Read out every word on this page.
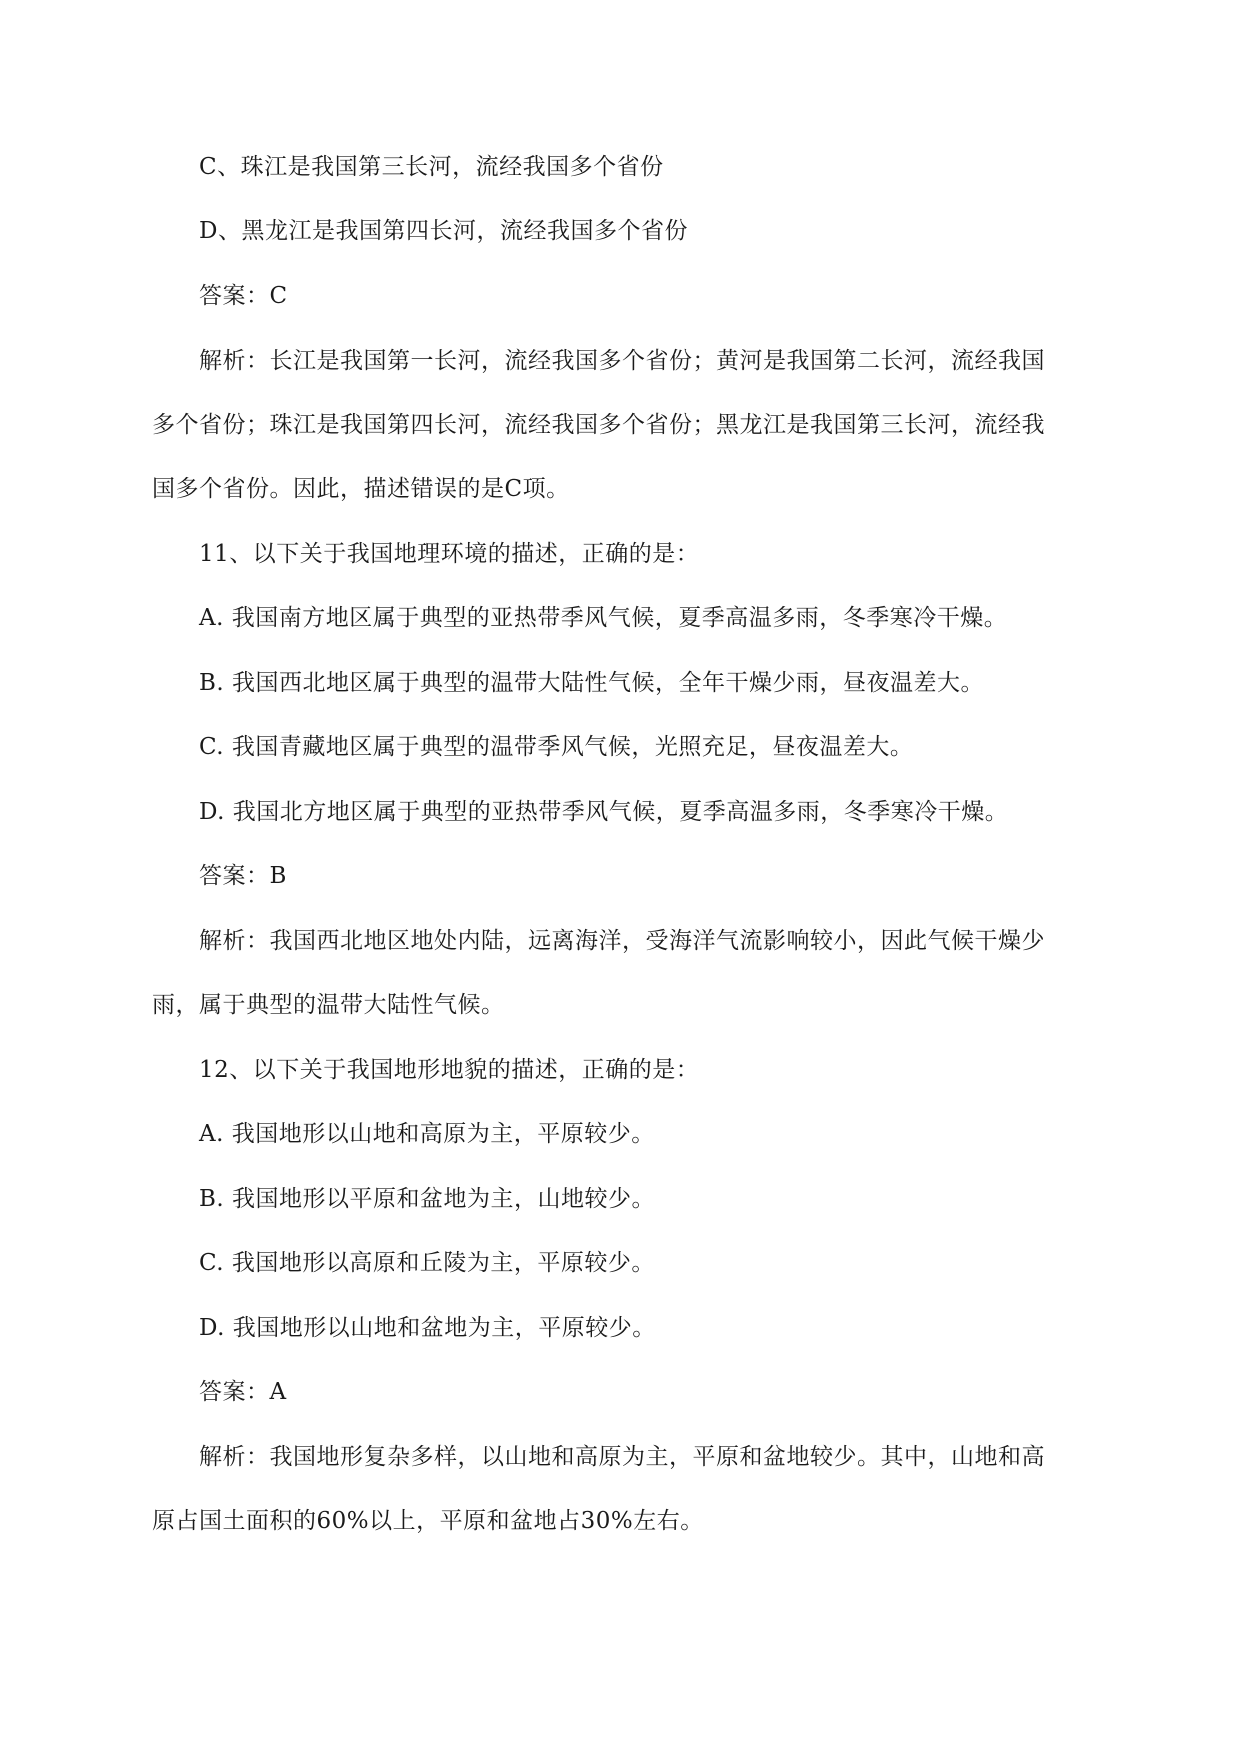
C、珠江是我国第三长河，流经我国多个省份
D、黑龙江是我国第四长河，流经我国多个省份
答案：C
解析：长江是我国第一长河，流经我国多个省份；黄河是我国第二长河，流经我国
多个省份；珠江是我国第四长河，流经我国多个省份；黑龙江是我国第三长河，流经我
国多个省份。因此，描述错误的是C项。
11、以下关于我国地理环境的描述，正确的是：
A. 我国南方地区属于典型的亚热带季风气候，夏季高温多雨，冬季寒冷干燥。
B. 我国西北地区属于典型的温带大陆性气候，全年干燥少雨，昼夜温差大。
C. 我国青藏地区属于典型的温带季风气候，光照充足，昼夜温差大。
D. 我国北方地区属于典型的亚热带季风气候，夏季高温多雨，冬季寒冷干燥。
答案：B
解析：我国西北地区地处内陆，远离海洋，受海洋气流影响较小，因此气候干燥少
雨，属于典型的温带大陆性气候。
12、以下关于我国地形地貌的描述，正确的是：
A. 我国地形以山地和高原为主，平原较少。
B. 我国地形以平原和盆地为主，山地较少。
C. 我国地形以高原和丘陵为主，平原较少。
D. 我国地形以山地和盆地为主，平原较少。
答案：A
解析：我国地形复杂多样，以山地和高原为主，平原和盆地较少。其中，山地和高
原占国土面积的60%以上，平原和盆地占30%左右。
